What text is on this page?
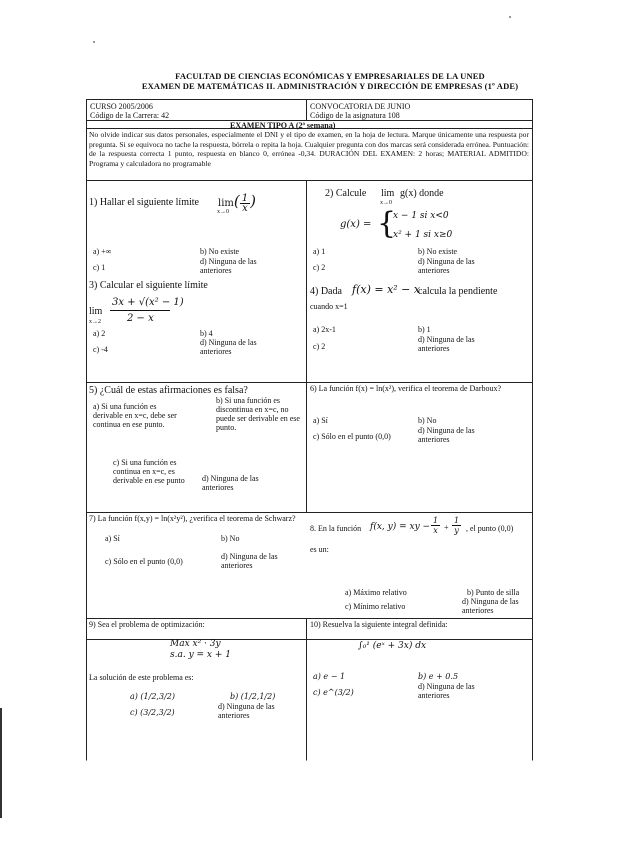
FACULTAD DE CIENCIAS ECONÓMICAS Y EMPRESARIALES DE LA UNED
EXAMEN DE MATEMÁTICAS II. ADMINISTRACIÓN Y DIRECCIÓN DE EMPRESAS (1º ADE)
CURSO 2005/2006
Código de la Carrera: 42
CONVOCATORIA DE JUNIO
Código de la asignatura 108
EXAMEN TIPO A (2ª semana)
No olvide indicar sus datos personales, especialmente el DNI y el tipo de examen, en la hoja de lectura. Marque únicamente una respuesta por pregunta. Si se equivoca no tache la respuesta, bórrela o repita la hoja. Cualquier pregunta con dos marcas será considerada errónea. Puntuación: de la respuesta correcta 1 punto, respuesta en blanco 0, errónea -0,34. DURACIÓN DEL EXAMEN: 2 horas; MATERIAL ADMITIDO: Programa y calculadora no programable
1) Hallar el siguiente límite $\lim( \frac{1}{x}$ )
x→0
a) +∞	b) No existe
c) 1
d) Ninguna de las anteriores
2) Calcule lim
x→0
g(x) donde
g(x) = {
x − 1 si x<0
x² + 1 si x≥0
a) 1	b) No existe
c) 2
d) Ninguna de las anteriores
3) Calcular el siguiente límite
lim
x→2
3x + √(x² − 1)
2 − x
a) 2	b) 4
c) -4
d) Ninguna de las anteriores
4) Dada f(x) = x² − x
calcula la pendiente
cuando x=1
a) 2x-1	b) 1
c) 2
d) Ninguna de las anteriores
5) ¿Cuál de estas afirmaciones es falsa?
a) Si una función es derivable en x=c, debe ser continua en ese punto.
b) Si una función es discontinua en x=c, no puede ser derivable en ese punto.
c) Si una función es continua en x=c, es derivable en ese punto	d) Ninguna de las anteriores
6) La función f(x) = ln(x²), verifica el teorema de Darboux?
a) Sí	b) No
c) Sólo en el punto (0,0)
d) Ninguna de las anteriores
7) La función f(x,y) = ln(x²y²), ¿verifica el teorema de Schwarz?
a) Sí	b) No
c) Sólo en el punto (0,0)
d) Ninguna de las anteriores
8. En la función f(x, y) = xy − $\frac{1}{x} + \frac{1}{y}$ , el punto (0,0)
es un:
a) Máximo relativo	b) Punto de silla
c) Mínimo relativo
d) Ninguna de las anteriores
9) Sea el problema de optimización:
Max x² · 3y
s.a. y = x + 1
La solución de este problema es:
a) (1/2,3/2)	b) (1/2,1/2)
c) (3/2,3/2)
d) Ninguna de las anteriores
10) Resuelva la siguiente integral definida:
∫₀¹ (eˣ + 3x) dx
a) e − 1	b) e + 0.5
c) e^(3/2)
d) Ninguna de las anteriores
